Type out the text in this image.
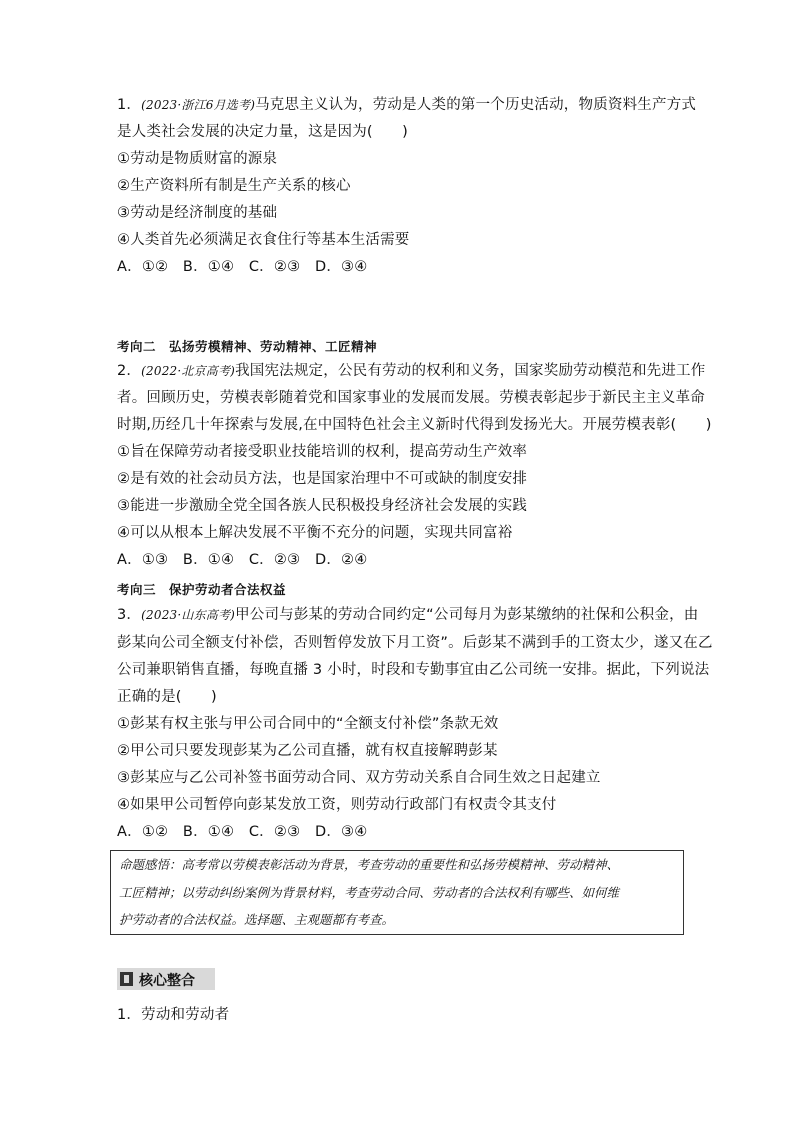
1．(2023·浙江6月选考)马克思主义认为，劳动是人类的第一个历史活动，物质资料生产方式
是人类社会发展的决定力量，这是因为(　　)
①劳动是物质财富的源泉
②生产资料所有制是生产关系的核心
③劳动是经济制度的基础
④人类首先必须满足衣食住行等基本生活需要
A．①②　B．①④　C．②③　D．③④
考向二　弘扬劳模精神、劳动精神、工匠精神
2．(2022·北京高考)我国宪法规定，公民有劳动的权利和义务，国家奖励劳动模范和先进工作
者。回顾历史，劳模表彰随着党和国家事业的发展而发展。劳模表彰起步于新民主主义革命
时期,历经几十年探索与发展,在中国特色社会主义新时代得到发扬光大。开展劳模表彰(　　)
①旨在保障劳动者接受职业技能培训的权利，提高劳动生产效率
②是有效的社会动员方法，也是国家治理中不可或缺的制度安排
③能进一步激励全党全国各族人民积极投身经济社会发展的实践
④可以从根本上解决发展不平衡不充分的问题，实现共同富裕
A．①③　B．①④　C．②③　D．②④
考向三　保护劳动者合法权益
3．(2023·山东高考)甲公司与彭某的劳动合同约定“公司每月为彭某缴纳的社保和公积金，由
彭某向公司全额支付补偿，否则暂停发放下月工资”。后彭某不满到手的工资太少，遂又在乙
公司兼职销售直播，每晚直播 3 小时，时段和专勤事宜由乙公司统一安排。据此，下列说法
正确的是(　　)
①彭某有权主张与甲公司合同中的“全额支付补偿”条款无效
②甲公司只要发现彭某为乙公司直播，就有权直接解聘彭某
③彭某应与乙公司补签书面劳动合同、双方劳动关系自合同生效之日起建立
④如果甲公司暂停向彭某发放工资，则劳动行政部门有权责令其支付
A．①②　B．①④　C．②③　D．③④
命题感悟：高考常以劳模表彰活动为背景，考查劳动的重要性和弘扬劳模精神、劳动精神、
工匠精神；以劳动纠纷案例为背景材料，考查劳动合同、劳动者的合法权利有哪些、如何维
护劳动者的合法权益。选择题、主观题都有考查。
核心整合
1．劳动和劳动者
